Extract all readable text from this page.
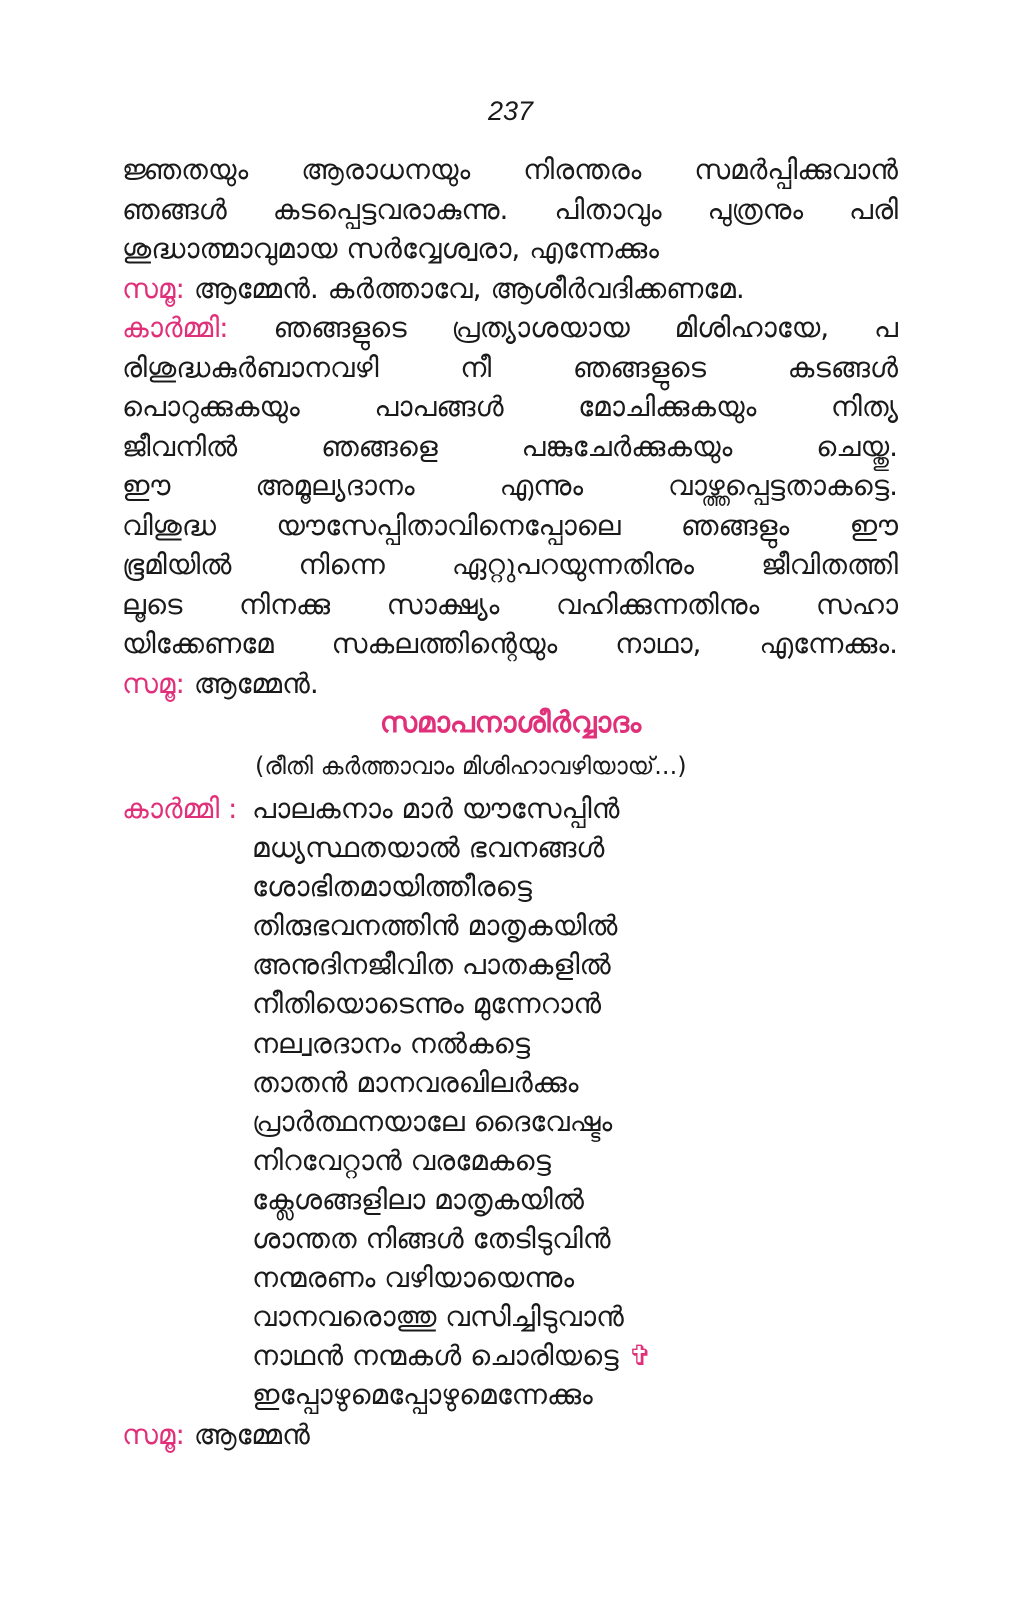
237
ജ്ഞതയും ആരാധനയും നിരന്തരം സമർപ്പിക്കുവാൻ
ഞങ്ങൾ കടപ്പെട്ടവരാകുന്നു. പിതാവും പുത്രനും പരി
ശുദ്ധാത്മാവുമായ സർവ്വേശ്വരാ, എന്നേക്കും
സമൂ: ആമ്മേൻ. കർത്താവേ, ആശീർവദിക്കണമേ.
കാർമ്മി: ഞങ്ങളുടെ പ്രത്യാശയായ മിശിഹായേ, പ
രിശുദ്ധകുർബാനവഴി നീ ഞങ്ങളുടെ കടങ്ങൾ
പൊറുക്കുകയും പാപങ്ങൾ മോചിക്കുകയും നിത്യ
ജീവനിൽ ഞങ്ങളെ പങ്കുചേർക്കുകയും ചെയ്തു.
ഈ അമൂല്യദാനം എന്നും വാഴ്ത്തപ്പെട്ടതാകട്ടെ.
വിശുദ്ധ യൗസേപ്പിതാവിനെപ്പോലെ ഞങ്ങളും ഈ
ഭൂമിയിൽ നിന്നെ ഏറ്റുപറയുന്നതിനും ജീവിതത്തി
ലൂടെ നിനക്കു സാക്ഷ്യം വഹിക്കുന്നതിനും സഹാ
യിക്കേണമേ സകലത്തിന്റെയും നാഥാ, എന്നേക്കും.
സമൂ: ആമ്മേൻ.
സമാപനാശീർവ്വാദം
(രീതി കർത്താവാം മിശിഹാവഴിയായ്...)
കാർമ്മി : പാലകനാം മാർ യൗസേപ്പിൻ
മധ്യസ്ഥതയാൽ ഭവനങ്ങൾ
ശോഭിതമായിത്തീരട്ടെ
തിരുഭവനത്തിൻ മാതൃകയിൽ
അനുദിനജീവിത പാതകളിൽ
നീതിയൊടെന്നും മുന്നേറാൻ
നല്വരദാനം നൽകട്ടെ
താതൻ മാനവരഖിലർക്കും
പ്രാർത്ഥനയാലേ ദൈവേഷ്ടം
നിറവേറ്റാൻ വരമേകട്ടെ
ക്ലേശങ്ങളിലാ മാതൃകയിൽ
ശാന്തത നിങ്ങൾ തേടിടുവിൻ
നന്മരണം വഴിയായെന്നും
വാനവരൊത്തു വസിച്ചിടുവാൻ
നാഥൻ നന്മകൾ ചൊരിയട്ടെ ✞
ഇപ്പോഴുമെപ്പോഴുമെന്നേക്കും
സമൂ: ആമ്മേൻ
